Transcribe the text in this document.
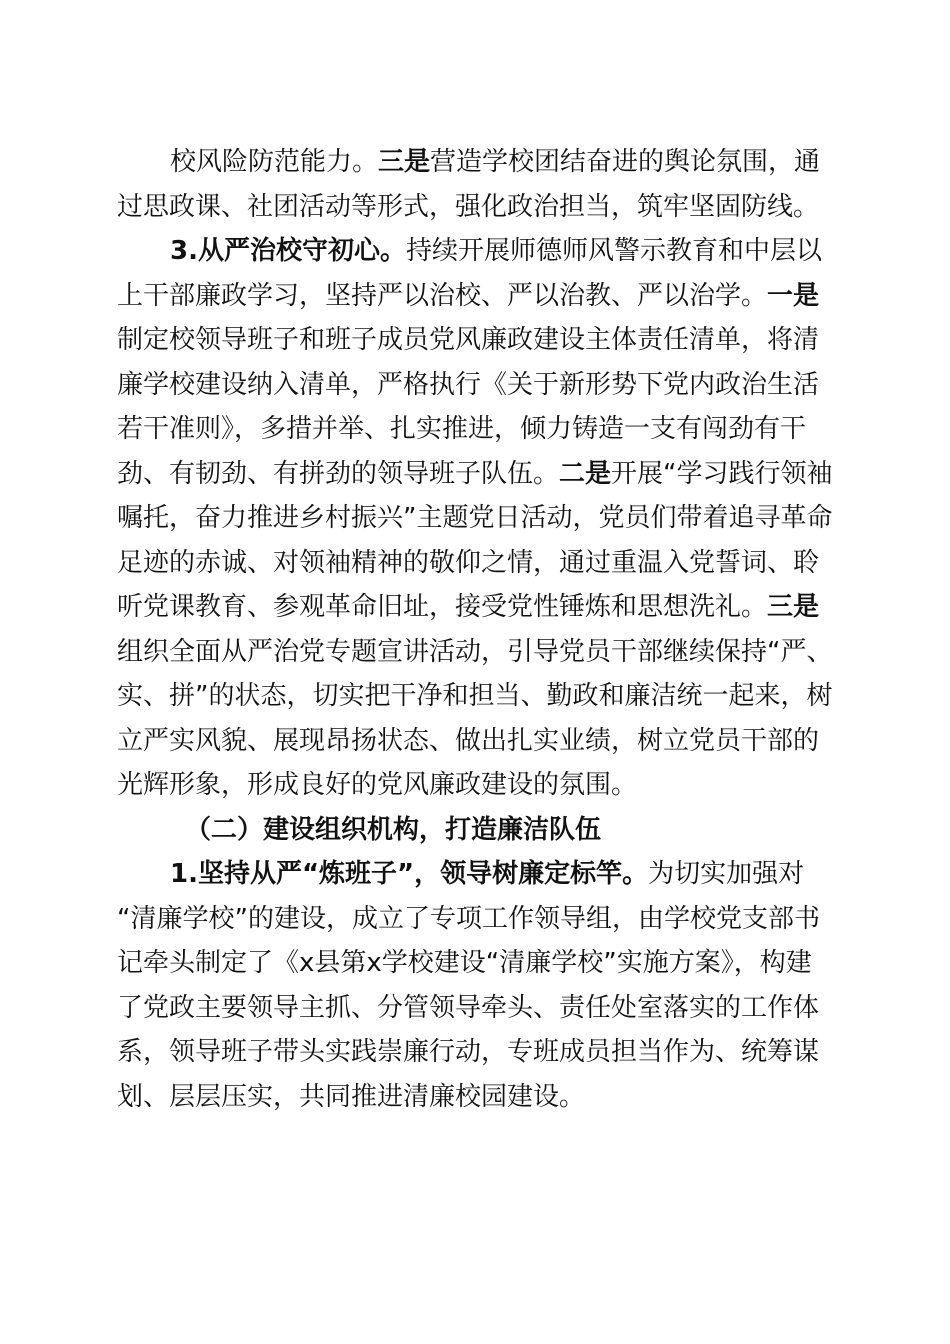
校风险防范能力。三是营造学校团结奋进的舆论氛围，通
过思政课、社团活动等形式，强化政治担当，筑牢坚固防线。
3.从严治校守初心。持续开展师德师风警示教育和中层以
上干部廉政学习，坚持严以治校、严以治教、严以治学。一是
制定校领导班子和班子成员党风廉政建设主体责任清单，将清
廉学校建设纳入清单，严格执行《关于新形势下党内政治生活
若干准则》，多措并举、扎实推进，倾力铸造一支有闯劲有干
劲、有韧劲、有拼劲的领导班子队伍。二是开展“学习践行领袖
嘱托，奋力推进乡村振兴”主题党日活动，党员们带着追寻革命
足迹的赤诚、对领袖精神的敬仰之情，通过重温入党誓词、聆
听党课教育、参观革命旧址，接受党性锤炼和思想洗礼。三是
组织全面从严治党专题宣讲活动，引导党员干部继续保持“严、
实、拼”的状态，切实把干净和担当、勤政和廉洁统一起来，树
立严实风貌、展现昂扬状态、做出扎实业绩，树立党员干部的
光辉形象，形成良好的党风廉政建设的氛围。
（二）建设组织机构，打造廉洁队伍
1.坚持从严“炼班子”，领导树廉定标竿。为切实加强对
“清廉学校”的建设，成立了专项工作领导组，由学校党支部书
记牵头制定了《x县第x学校建设“清廉学校”实施方案》，构建
了党政主要领导主抓、分管领导牵头、责任处室落实的工作体
系，领导班子带头实践崇廉行动，专班成员担当作为、统筹谋
划、层层压实，共同推进清廉校园建设。
